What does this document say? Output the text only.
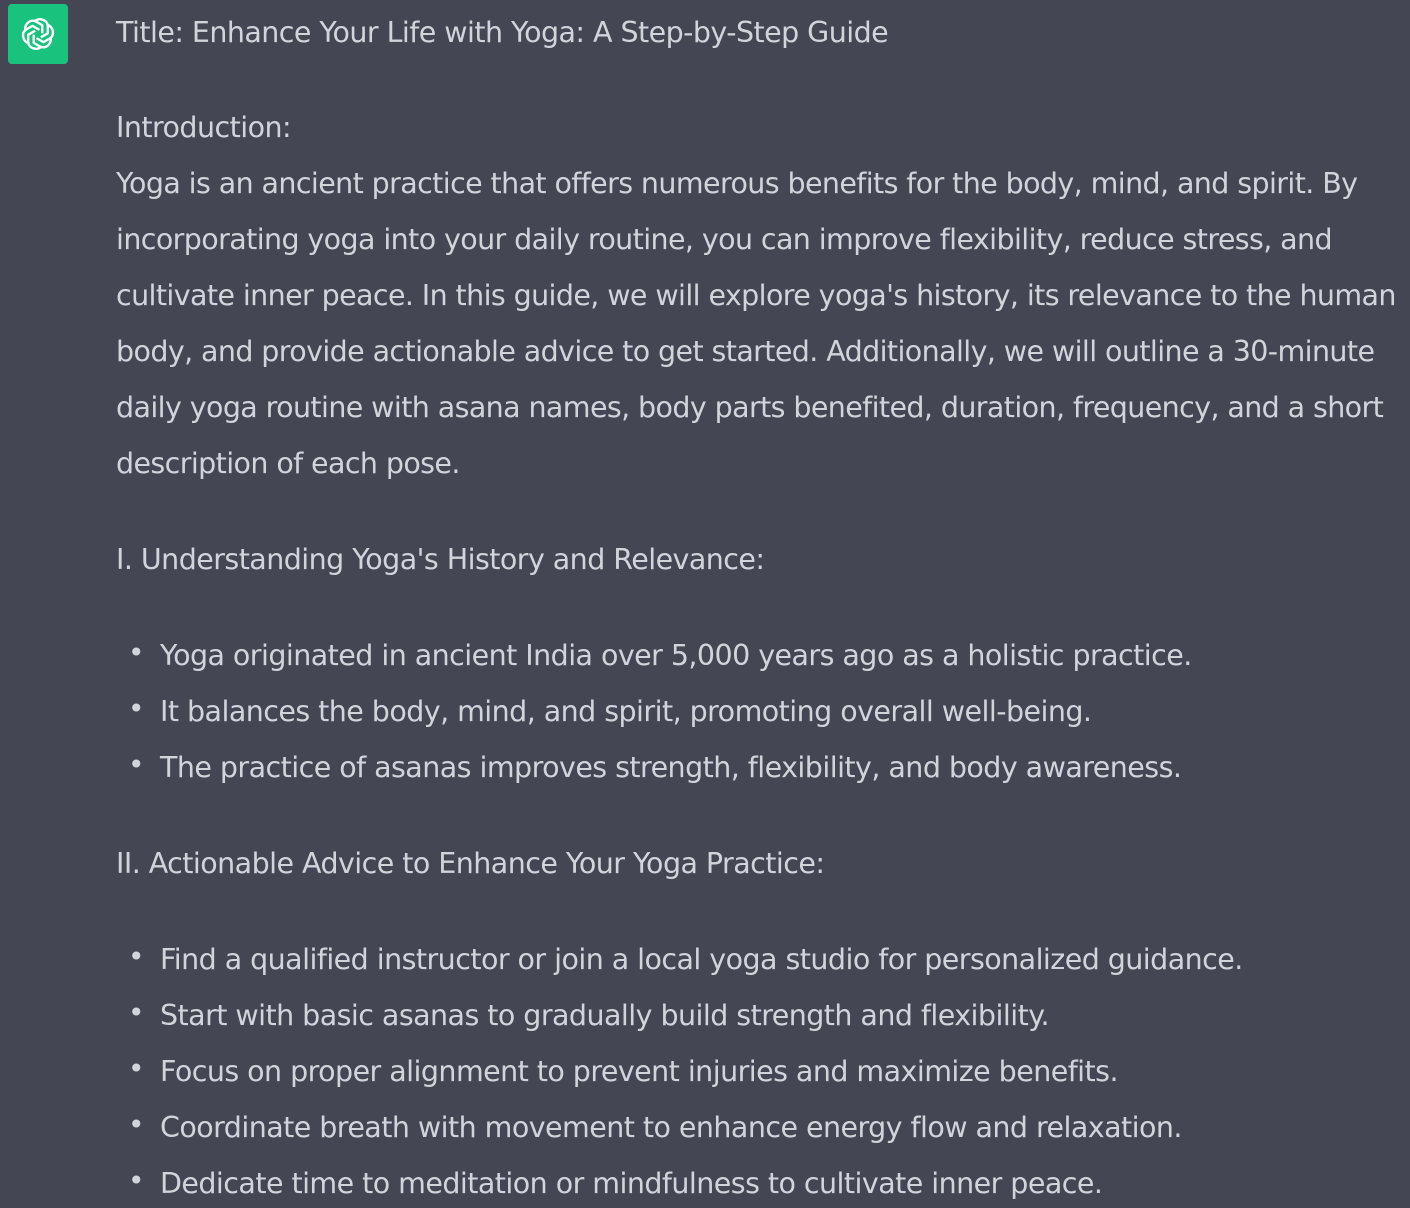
Title: Enhance Your Life with Yoga: A Step-by-Step Guide

Introduction:

Yoga is an ancient practice that offers numerous benefits for the body, mind, and spirit. By incorporating yoga into your daily routine, you can improve flexibility, reduce stress, and cultivate inner peace. In this guide, we will explore yoga's history, its relevance to the human body, and provide actionable advice to get started. Additionally, we will outline a 30-minute daily yoga routine with asana names, body parts benefited, duration, frequency, and a short description of each pose.

I. Understanding Yoga's History and Relevance:

• Yoga originated in ancient India over 5,000 years ago as a holistic practice.
• It balances the body, mind, and spirit, promoting overall well-being.
• The practice of asanas improves strength, flexibility, and body awareness.

II. Actionable Advice to Enhance Your Yoga Practice:

• Find a qualified instructor or join a local yoga studio for personalized guidance.
• Start with basic asanas to gradually build strength and flexibility.
• Focus on proper alignment to prevent injuries and maximize benefits.
• Coordinate breath with movement to enhance energy flow and relaxation.
• Dedicate time to meditation or mindfulness to cultivate inner peace.
